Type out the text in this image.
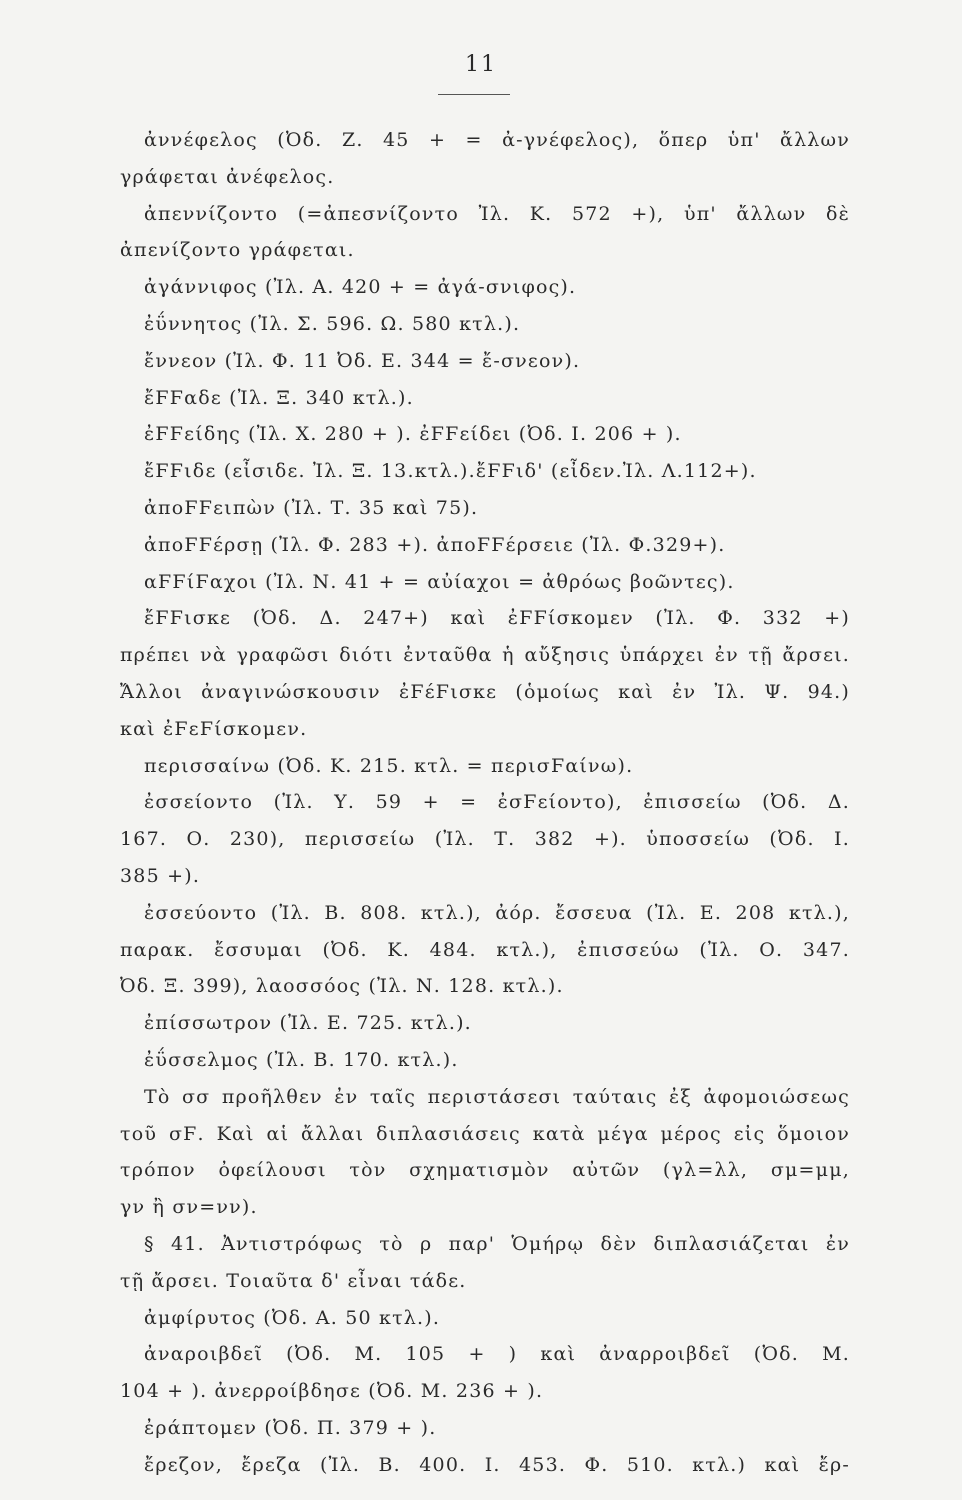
11
ἀννέφελος (Ὀδ. Ζ. 45 + = ἀ-γνέφελος), ὅπερ ὑπ' ἄλλων
γράφεται ἀνέφελος.
ἀπεννίζοντο (=ἀπεσνίζοντο Ἰλ. Κ. 572 +), ὑπ' ἄλλων δὲ
ἀπενίζοντο γράφεται.
ἀγάννιφος (Ἰλ. Α. 420 + = ἀγά-σνιφος).
ἐΰννητος (Ἰλ. Σ. 596. Ω. 580 κτλ.).
ἔννεον (Ἰλ. Φ. 11 Ὀδ. Ε. 344 = ἔ-σνεον).
ἔϜϜαδε (Ἰλ. Ξ. 340 κτλ.).
ἐϜϜείδης (Ἰλ. Χ. 280 + ). ἐϜϜείδει (Ὀδ. Ι. 206 + ).
ἔϜϜιδε (εἶσιδε. Ἰλ. Ξ. 13.κτλ.).ἔϜϜιδ' (εἶδεν.Ἰλ. Λ.112+).
ἀποϜϜειπὼν (Ἰλ. Τ. 35 καὶ 75).
ἀποϜϜέρσῃ (Ἰλ. Φ. 283 +). ἀποϜϜέρσειε (Ἰλ. Φ.329+).
αϜϜίϜαχοι (Ἰλ. Ν. 41 + = αὐίαχοι = ἀθρόως βοῶντες).
ἔϜϜισκε (Ὀδ. Δ. 247+) καὶ ἐϜϜίσκομεν (Ἰλ. Φ. 332 +)
πρέπει νὰ γραφῶσι διότι ἐνταῦθα ἡ αὔξησις ὑπάρχει ἐν τῇ ἄρσει.
Ἄλλοι ἀναγινώσκουσιν ἐϜέϜισκε (ὁμοίως καὶ ἐν Ἰλ. Ψ. 94.)
καὶ ἐϜεϜίσκομεν.
περισσαίνω (Ὀδ. Κ. 215. κτλ. = περισϜαίνω).
ἐσσείοντο (Ἰλ. Υ. 59 + = ἐσϜείοντο), ἐπισσείω (Ὀδ. Δ.
167. Ο. 230), περισσείω (Ἰλ. Τ. 382 +). ὑποσσείω (Ὀδ. Ι.
385 +).
ἐσσεύοντο (Ἰλ. Β. 808. κτλ.), ἀόρ. ἔσσευα (Ἰλ. Ε. 208 κτλ.),
παρακ. ἔσσυμαι (Ὀδ. Κ. 484. κτλ.), ἐπισσεύω (Ἰλ. Ο. 347.
Ὀδ. Ξ. 399), λαοσσόος (Ἰλ. Ν. 128. κτλ.).
ἐπίσσωτρον (Ἰλ. Ε. 725. κτλ.).
ἐΰσσελμος (Ἰλ. Β. 170. κτλ.).
Τὸ σσ προῆλθεν ἐν ταῖς περιστάσεσι ταύταις ἐξ ἀφομοιώσεως
τοῦ σϜ. Καὶ αἱ ἄλλαι διπλασιάσεις κατὰ μέγα μέρος εἰς ὅμοιον
τρόπον ὀφείλουσι τὸν σχηματισμὸν αὐτῶν (γλ=λλ, σμ=μμ,
γν ἢ σν=νν).
§ 41. Ἀντιστρόφως τὸ ρ παρ' Ὁμήρῳ δὲν διπλασιάζεται ἐν
τῇ ἄρσει. Τοιαῦτα δ' εἶναι τάδε.
ἀμφίρυτος (Ὀδ. Α. 50 κτλ.).
ἀναροιβδεῖ (Ὀδ. Μ. 105 + ) καὶ ἀναρροιβδεῖ (Ὀδ. Μ.
104 + ). ἀνερροίβδησε (Ὀδ. Μ. 236 + ).
ἐράπτομεν (Ὀδ. Π. 379 + ).
ἔρεζον, ἔρεζα (Ἰλ. Β. 400. Ι. 453. Φ. 510. κτλ.) καὶ ἔρ-
